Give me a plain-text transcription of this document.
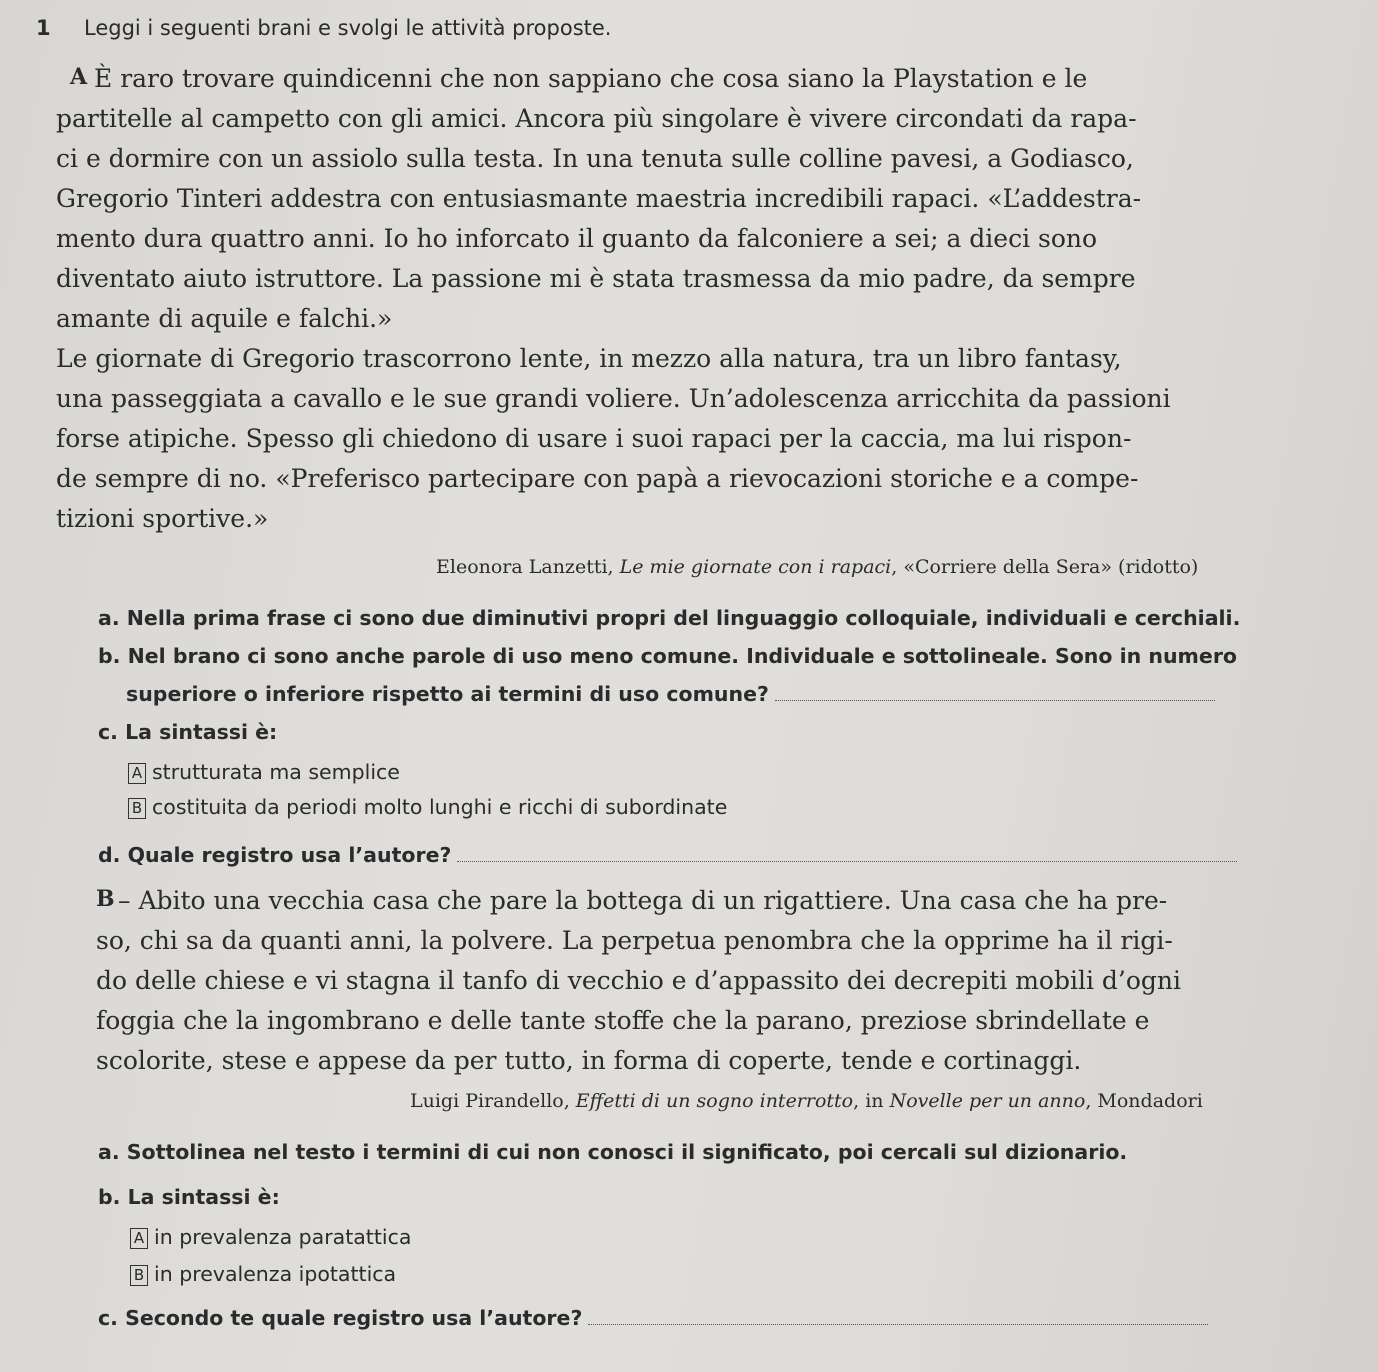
1 Leggi i seguenti brani e svolgi le attività proposte.
A È raro trovare quindicenni che non sappiano che cosa siano la Playstation e le
partitelle al campetto con gli amici. Ancora più singolare è vivere circondati da rapa-
ci e dormire con un assiolo sulla testa. In una tenuta sulle colline pavesi, a Godiasco,
Gregorio Tinteri addestra con entusiasmante maestria incredibili rapaci. «L’addestra-
mento dura quattro anni. Io ho inforcato il guanto da falconiere a sei; a dieci sono
diventato aiuto istruttore. La passione mi è stata trasmessa da mio padre, da sempre
amante di aquile e falchi.»
Le giornate di Gregorio trascorrono lente, in mezzo alla natura, tra un libro fantasy,
una passeggiata a cavallo e le sue grandi voliere. Un’adolescenza arricchita da passioni
forse atipiche. Spesso gli chiedono di usare i suoi rapaci per la caccia, ma lui rispon-
de sempre di no. «Preferisco partecipare con papà a rievocazioni storiche e a compe-
tizioni sportive.»
Eleonora Lanzetti, Le mie giornate con i rapaci, «Corriere della Sera» (ridotto)
a. Nella prima frase ci sono due diminutivi propri del linguaggio colloquiale, individuali e cerchiali.
b. Nel brano ci sono anche parole di uso meno comune. Individuale e sottolineale. Sono in numero
superiore o inferiore rispetto ai termini di uso comune?
c. La sintassi è:
A strutturata ma semplice
B costituita da periodi molto lunghi e ricchi di subordinate
d. Quale registro usa l’autore?
B – Abito una vecchia casa che pare la bottega di un rigattiere. Una casa che ha pre-
so, chi sa da quanti anni, la polvere. La perpetua penombra che la opprime ha il rigi-
do delle chiese e vi stagna il tanfo di vecchio e d’appassito dei decrepiti mobili d’ogni
foggia che la ingombrano e delle tante stoffe che la parano, preziose sbrindellate e
scolorite, stese e appese da per tutto, in forma di coperte, tende e cortinaggi.
Luigi Pirandello, Effetti di un sogno interrotto, in Novelle per un anno, Mondadori
a. Sottolinea nel testo i termini di cui non conosci il significato, poi cercali sul dizionario.
b. La sintassi è:
A in prevalenza paratattica
B in prevalenza ipotattica
c. Secondo te quale registro usa l’autore?
